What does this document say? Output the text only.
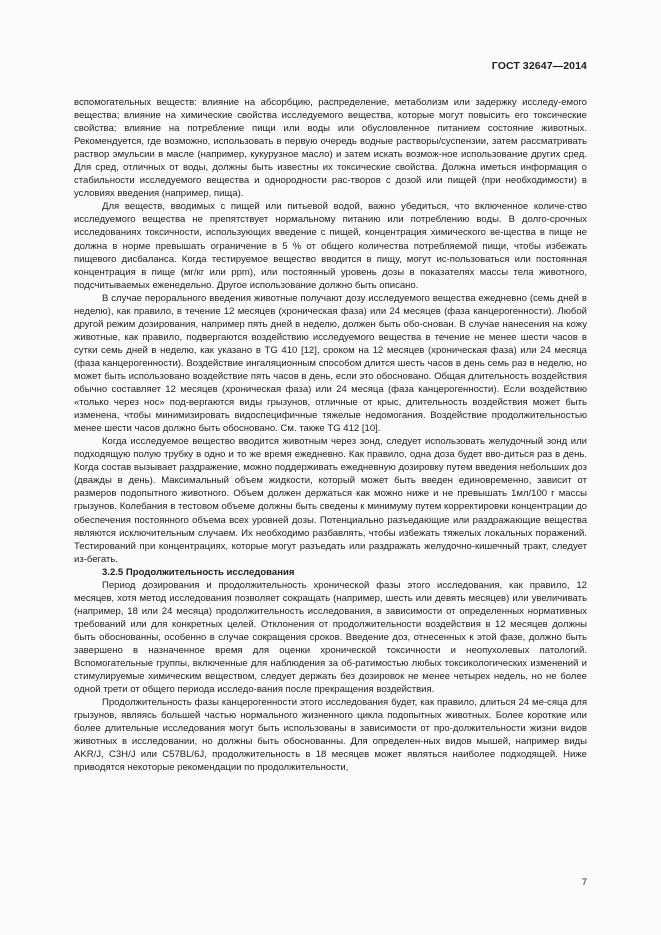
ГОСТ 32647—2014

вспомогательных веществ: влияние на абсорбцию, распределение, метаболизм или задержку исследу-емого вещества; влияние на химические свойства исследуемого вещества, которые могут повысить его токсические свойства; влияние на потребление пищи или воды или обусловленное питанием состояние животных. Рекомендуется, где возможно, использовать в первую очередь водные растворы/суспензии, затем рассматривать раствор эмульсии в масле (например, кукурузное масло) и затем искать возмож-ное использование других сред. Для сред, отличных от воды, должны быть известны их токсические свойства. Должна иметься информация о стабильности исследуемого вещества и однородности рас-творов с дозой или пищей (при необходимости) в условиях введения (например, пища).

Для веществ, вводимых с пищей или питьевой водой, важно убедиться, что включенное количе-ство исследуемого вещества не препятствует нормальному питанию или потреблению воды. В долго-срочных исследованиях токсичности, использующих введение с пищей, концентрация химического ве-щества в пище не должна в норме превышать ограничение в 5 % от общего количества потребляемой пищи, чтобы избежать пищевого дисбаланса. Когда тестируемое вещество вводится в пищу, могут ис-пользоваться или постоянная концентрация в пище (мг/кг или ppm), или постоянный уровень дозы в показателях массы тела животного, подсчитываемых еженедельно. Другое использование должно быть описано.

В случае перорального введения животные получают дозу исследуемого вещества ежедневно (семь дней в неделю), как правило, в течение 12 месяцев (хроническая фаза) или 24 месяцев (фаза канцерогенности). Любой другой режим дозирования, например пять дней в неделю, должен быть обо-снован. В случае нанесения на кожу животные, как правило, подвергаются воздействию исследуемого вещества в течение не менее шести часов в сутки семь дней в неделю, как указано в TG 410 [12], сроком на 12 месяцев (хроническая фаза) или 24 месяца (фаза канцерогенности). Воздействие ингаляционным способом длится шесть часов в день семь раз в неделю, но может быть использовано воздействие пять часов в день, если это обосновано. Общая длительность воздействия обычно составляет 12 месяцев (хроническая фаза) или 24 месяца (фаза канцерогенности). Если воздействию «только через нос» под-вергаются виды грызунов, отличные от крыс, длительность воздействия может быть изменена, чтобы минимизировать видоспецифичные тяжелые недомогания. Воздействие продолжительностью менее шести часов должно быть обосновано. См. также TG 412 [10].

Когда исследуемое вещество вводится животным через зонд, следует использовать желудочный зонд или подходящую полую трубку в одно и то же время ежедневно. Как правило, одна доза будет вво-диться раз в день. Когда состав вызывает раздражение, можно поддерживать ежедневную дозировку путем введения небольших доз (дважды в день). Максимальный объем жидкости, который может быть введен единовременно, зависит от размеров подопытного животного. Объем должен держаться как можно ниже и не превышать 1мл/100 г массы грызунов. Колебания в тестовом объеме должны быть сведены к минимуму путем корректировки концентрации до обеспечения постоянного объема всех уровней дозы. Потенциально разъедающие или раздражающие вещества являются исключительным случаем. Их необходимо разбавлять, чтобы избежать тяжелых локальных поражений. Тестирований при концентрациях, которые могут разъедать или раздражать желудочно-кишечный тракт, следует из-бегать.

3.2.5 Продолжительность исследования

Период дозирования и продолжительность хронической фазы этого исследования, как правило, 12 месяцев, хотя метод исследования позволяет сокращать (например, шесть или девять месяцев) или увеличивать (например, 18 или 24 месяца) продолжительность исследования, в зависимости от определенных нормативных требований или для конкретных целей. Отклонения от продолжительности воздействия в 12 месяцев должны быть обоснованны, особенно в случае сокращения сроков. Введение доз, отнесенных к этой фазе, должно быть завершено в назначенное время для оценки хронической токсичности и неопухолевых патологий. Вспомогательные группы, включенные для наблюдения за об-ратимостью любых токсикологических изменений и стимулируемые химическим веществом, следует держать без дозировок не менее четырех недель, но не более одной трети от общего периода исследо-вания после прекращения воздействия.

Продолжительность фазы канцерогенности этого исследования будет, как правило, длиться 24 ме-сяца для грызунов, являясь большей частью нормального жизненного цикла подопытных животных. Более короткие или более длительные исследования могут быть использованы в зависимости от про-должительности жизни видов животных в исследовании, но должны быть обоснованны. Для определен-ных видов мышей, например виды AKR/J, C3H/J или C57BL/6J, продолжительность в 18 месяцев может являться наиболее подходящей. Ниже приводятся некоторые рекомендации по продолжительности,

7
